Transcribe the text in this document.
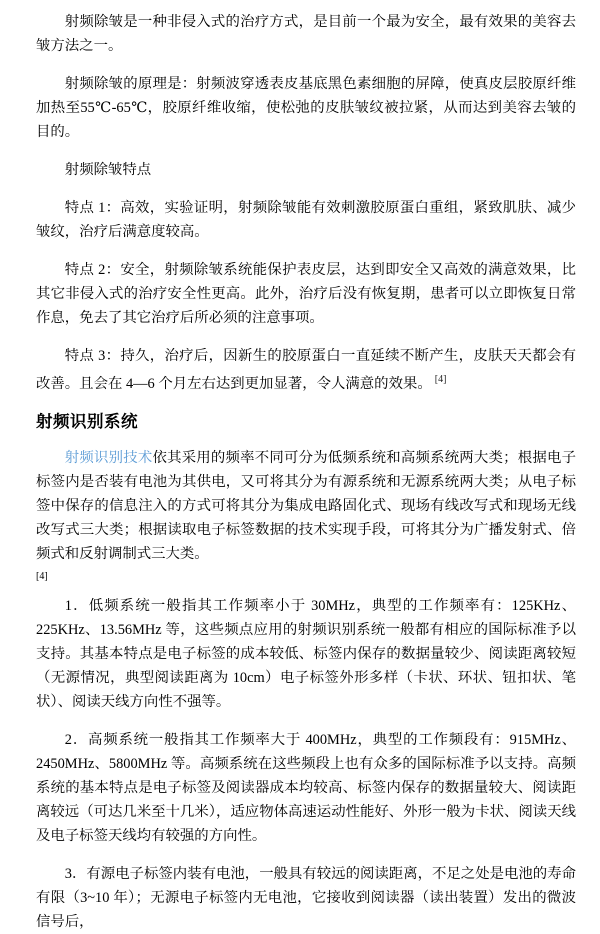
射频除皱是一种非侵入式的治疗方式，是目前一个最为安全，最有效果的美容去皱方法之一。

射频除皱的原理是：射频波穿透表皮基底黑色素细胞的屏障，使真皮层胶原纤维加热至55℃-65℃，胶原纤维收缩，使松弛的皮肤皱纹被拉紧，从而达到美容去皱的目的。

射频除皱特点

特点 1：高效，实验证明，射频除皱能有效刺激胶原蛋白重组，紧致肌肤、减少皱纹，治疗后满意度较高。

特点 2：安全，射频除皱系统能保护表皮层，达到即安全又高效的满意效果，比其它非侵入式的治疗安全性更高。此外，治疗后没有恢复期，患者可以立即恢复日常作息，免去了其它治疗后所必须的注意事项。

特点 3：持久，治疗后，因新生的胶原蛋白一直延续不断产生，皮肤天天都会有改善。且会在 4—6 个月左右达到更加显著，令人满意的效果。 [4]

射频识别系统

射频识别技术依其采用的频率不同可分为低频系统和高频系统两大类；根据电子标签内是否装有电池为其供电，又可将其分为有源系统和无源系统两大类；从电子标签中保存的信息注入的方式可将其分为集成电路固化式、现场有线改写式和现场无线改写式三大类；根据读取电子标签数据的技术实现手段，可将其分为广播发射式、倍频式和反射调制式三大类。

[4]

1．低频系统一般指其工作频率小于 30MHz，典型的工作频率有：125KHz、225KHz、13.56MHz 等，这些频点应用的射频识别系统一般都有相应的国际标准予以支持。其基本特点是电子标签的成本较低、标签内保存的数据量较少、阅读距离较短（无源情况，典型阅读距离为 10cm）电子标签外形多样（卡状、环状、钮扣状、笔状）、阅读天线方向性不强等。

2．高频系统一般指其工作频率大于 400MHz，典型的工作频段有：915MHz、2450MHz、5800MHz 等。高频系统在这些频段上也有众多的国际标准予以支持。高频系统的基本特点是电子标签及阅读器成本均较高、标签内保存的数据量较大、阅读距离较远（可达几米至十几米），适应物体高速运动性能好、外形一般为卡状、阅读天线及电子标签天线均有较强的方向性。

3．有源电子标签内装有电池，一般具有较远的阅读距离，不足之处是电池的寿命有限（3~10 年）；无源电子标签内无电池，它接收到阅读器（读出装置）发出的微波信号后，
